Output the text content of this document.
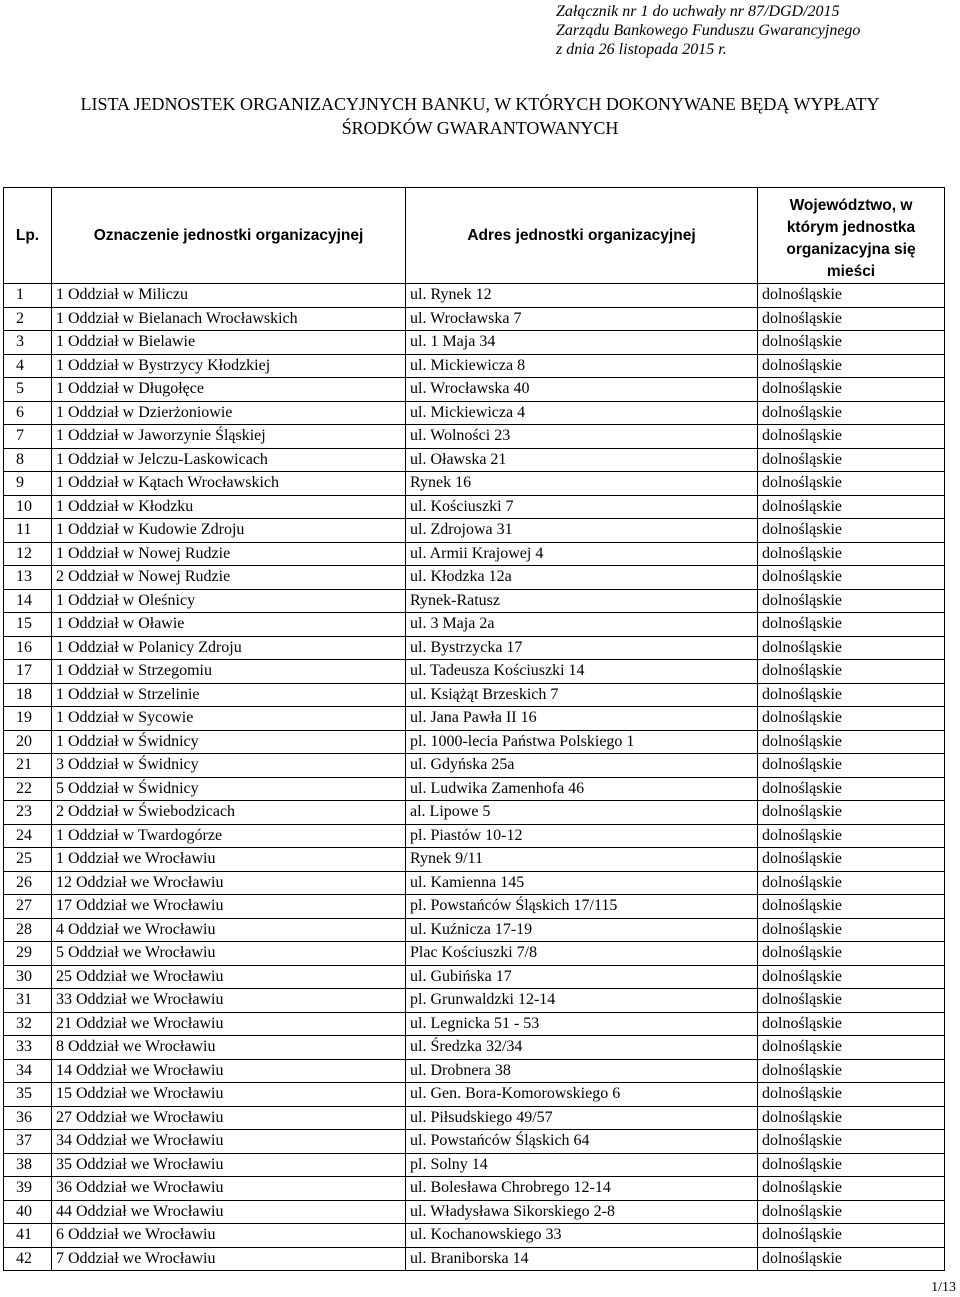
Załącznik nr 1 do uchwały nr 87/DGD/2015
Zarządu Bankowego Funduszu Gwarancyjnego
z dnia 26 listopada 2015 r.
LISTA JEDNOSTEK ORGANIZACYJNYCH BANKU, W KTÓRYCH DOKONYWANE BĘDĄ WYPŁATY
ŚRODKÓW GWARANTOWANYCH
Lp.	Oznaczenie jednostki organizacyjnej	Adres jednostki organizacyjnej	Województwo, w którym jednostka organizacyjna się mieści
1	1 Oddział w Miliczu	ul. Rynek 12	dolnośląskie
2	1 Oddział w Bielanach Wrocławskich	ul. Wrocławska 7	dolnośląskie
3	1 Oddział w Bielawie	ul. 1 Maja 34	dolnośląskie
4	1 Oddział w Bystrzycy Kłodzkiej	ul. Mickiewicza 8	dolnośląskie
5	1 Oddział w Długołęce	ul. Wrocławska 40	dolnośląskie
6	1 Oddział w Dzierżoniowie	ul. Mickiewicza 4	dolnośląskie
7	1 Oddział w Jaworzynie Śląskiej	ul. Wolności 23	dolnośląskie
8	1 Oddział w Jelczu-Laskowicach	ul. Oławska 21	dolnośląskie
9	1 Oddział w Kątach Wrocławskich	Rynek 16	dolnośląskie
10	1 Oddział w Kłodzku	ul. Kościuszki 7	dolnośląskie
11	1 Oddział w Kudowie Zdroju	ul. Zdrojowa 31	dolnośląskie
12	1 Oddział w Nowej Rudzie	ul. Armii Krajowej 4	dolnośląskie
13	2 Oddział w Nowej Rudzie	ul. Kłodzka 12a	dolnośląskie
14	1 Oddział w Oleśnicy	Rynek-Ratusz	dolnośląskie
15	1 Oddział w Oławie	ul. 3 Maja 2a	dolnośląskie
16	1 Oddział w Polanicy Zdroju	ul. Bystrzycka 17	dolnośląskie
17	1 Oddział w Strzegomiu	ul. Tadeusza Kościuszki 14	dolnośląskie
18	1 Oddział w Strzelinie	ul. Książąt Brzeskich 7	dolnośląskie
19	1 Oddział w Sycowie	ul. Jana Pawła II 16	dolnośląskie
20	1 Oddział w Świdnicy	pl. 1000-lecia Państwa Polskiego 1	dolnośląskie
21	3 Oddział w Świdnicy	ul. Gdyńska 25a	dolnośląskie
22	5 Oddział w Świdnicy	ul. Ludwika Zamenhofa 46	dolnośląskie
23	2 Oddział w Świebodzicach	al. Lipowe 5	dolnośląskie
24	1 Oddział w Twardogórze	pl. Piastów 10-12	dolnośląskie
25	1 Oddział we Wrocławiu	Rynek 9/11	dolnośląskie
26	12 Oddział we Wrocławiu	ul. Kamienna 145	dolnośląskie
27	17 Oddział we Wrocławiu	pl. Powstańców Śląskich 17/115	dolnośląskie
28	4 Oddział we Wrocławiu	ul. Kuźnicza 17-19	dolnośląskie
29	5 Oddział we Wrocławiu	Plac Kościuszki 7/8	dolnośląskie
30	25 Oddział we Wrocławiu	ul. Gubińska 17	dolnośląskie
31	33 Oddział we Wrocławiu	pl. Grunwaldzki 12-14	dolnośląskie
32	21 Oddział we Wrocławiu	ul. Legnicka 51 - 53	dolnośląskie
33	8 Oddział we Wrocławiu	ul. Średzka 32/34	dolnośląskie
34	14 Oddział we Wrocławiu	ul. Drobnera 38	dolnośląskie
35	15 Oddział we Wrocławiu	ul. Gen. Bora-Komorowskiego 6	dolnośląskie
36	27 Oddział we Wrocławiu	ul. Piłsudskiego 49/57	dolnośląskie
37	34 Oddział we Wrocławiu	ul. Powstańców Śląskich 64	dolnośląskie
38	35 Oddział we Wrocławiu	pl. Solny 14	dolnośląskie
39	36 Oddział we Wrocławiu	ul. Bolesława Chrobrego 12-14	dolnośląskie
40	44 Oddział we Wrocławiu	ul. Władysława Sikorskiego 2-8	dolnośląskie
41	6 Oddział we Wrocławiu	ul. Kochanowskiego 33	dolnośląskie
42	7 Oddział we Wrocławiu	ul. Braniborska 14	dolnośląskie
1/13
